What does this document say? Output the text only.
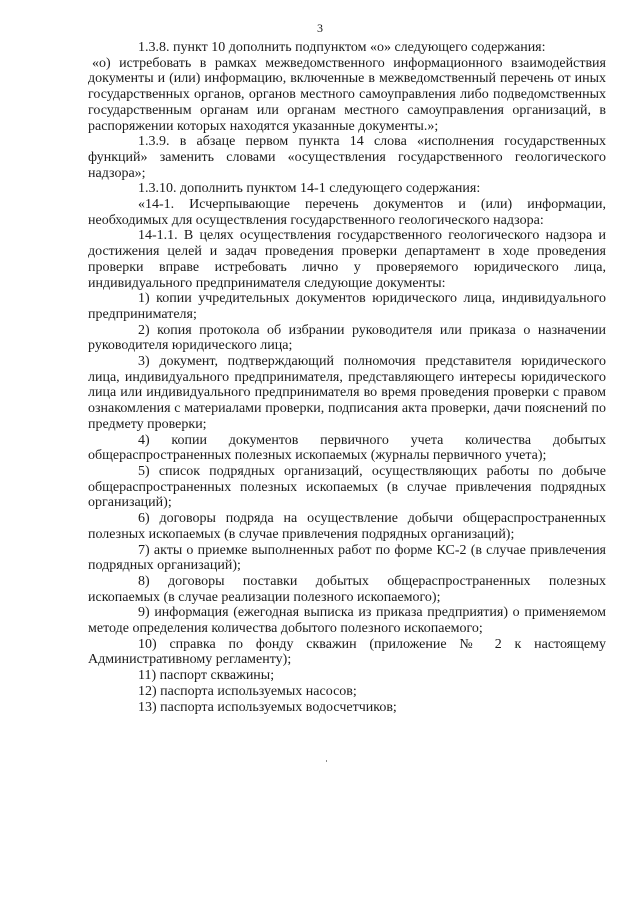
3

1.3.8. пункт 10 дополнить подпунктом «о» следующего содержания:

«о) истребовать в рамках межведомственного информационного взаимодействия документы и (или) информацию, включенные в межведомственный перечень от иных государственных органов, органов местного самоуправления либо подведомственных государственным органам или органам местного самоуправления организаций, в распоряжении которых находятся указанные документы.»;

1.3.9. в абзаце первом пункта 14 слова «исполнения государственных функций» заменить словами «осуществления государственного геологического надзора»;

1.3.10. дополнить пунктом 14-1 следующего содержания:

«14-1. Исчерпывающие перечень документов и (или) информации, необходимых для осуществления государственного геологического надзора:

14-1.1. В целях осуществления государственного геологического надзора и достижения целей и задач проведения проверки департамент в ходе проведения проверки вправе истребовать лично у проверяемого юридического лица, индивидуального предпринимателя следующие документы:

1) копии учредительных документов юридического лица, индивидуального предпринимателя;

2) копия протокола об избрании руководителя или приказа о назначении руководителя юридического лица;

3) документ, подтверждающий полномочия представителя юридического лица, индивидуального предпринимателя, представляющего интересы юридического лица или индивидуального предпринимателя во время проведения проверки с правом ознакомления с материалами проверки, подписания акта проверки, дачи пояснений по предмету проверки;

4) копии документов первичного учета количества добытых общераспространенных полезных ископаемых (журналы первичного учета);

5) список подрядных организаций, осуществляющих работы по добыче общераспространенных полезных ископаемых (в случае привлечения подрядных организаций);

6) договоры подряда на осуществление добычи общераспространенных полезных ископаемых (в случае привлечения подрядных организаций);

7) акты о приемке выполненных работ по форме КС-2 (в случае привлечения подрядных организаций);

8) договоры поставки добытых общераспространенных полезных ископаемых (в случае реализации полезного ископаемого);

9) информация (ежегодная выписка из приказа предприятия) о применяемом методе определения количества добытого полезного ископаемого;

10) справка по фонду скважин (приложение № 2 к настоящему Административному регламенту);

11) паспорт скважины;

12) паспорта используемых насосов;

13) паспорта используемых водосчетчиков;
